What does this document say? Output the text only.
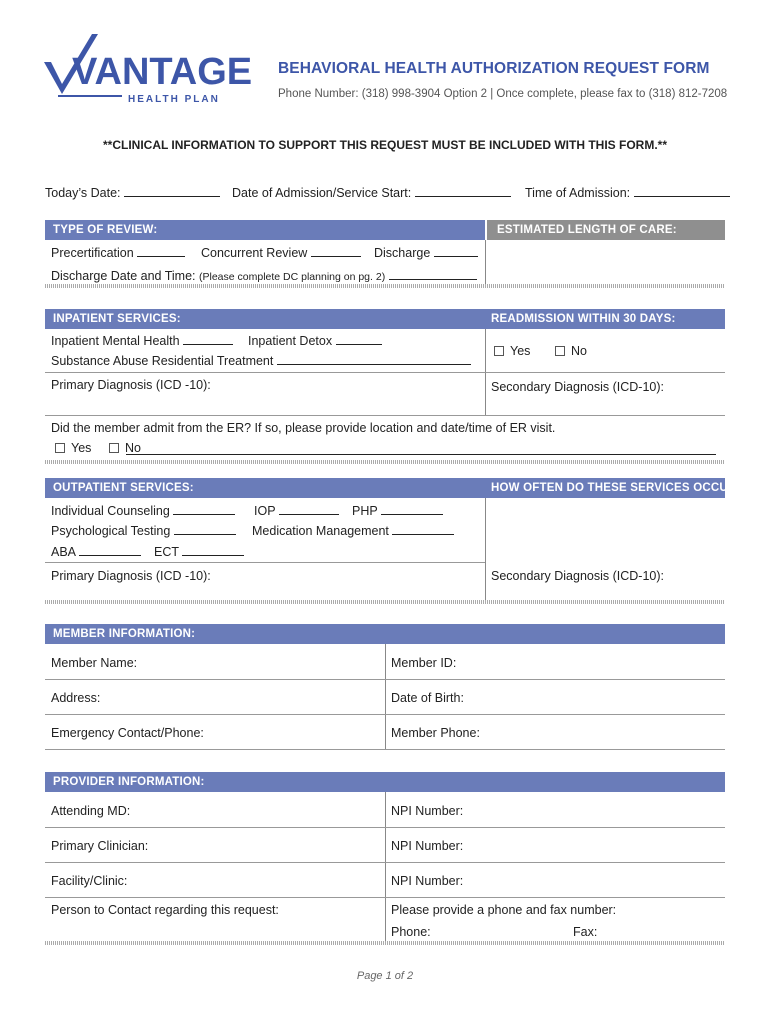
VANTAGE
HEALTH PLAN
BEHAVIORAL HEALTH AUTHORIZATION REQUEST FORM
Phone Number: (318) 998-3904 Option 2 | Once complete, please fax to (318) 812-7208
**CLINICAL INFORMATION TO SUPPORT THIS REQUEST MUST BE INCLUDED WITH THIS FORM.**
Today’s Date:	Date of Admission/Service Start:	Time of Admission:
TYPE OF REVIEW:	ESTIMATED LENGTH OF CARE:
Precertification	Concurrent Review	Discharge
Discharge Date and Time: (Please complete DC planning on pg. 2)
INPATIENT SERVICES:	READMISSION WITHIN 30 DAYS:
Inpatient Mental Health	Inpatient Detox
Substance Abuse Residential Treatment
Yes	No
Primary Diagnosis (ICD -10):	Secondary Diagnosis (ICD-10):
Did the member admit from the ER? If so, please provide location and date/time of ER visit.
Yes	No
OUTPATIENT SERVICES:	HOW OFTEN DO THESE SERVICES OCCUR?
Individual Counseling	IOP	PHP
Psychological Testing	Medication Management
ABA	ECT
Primary Diagnosis (ICD -10):	Secondary Diagnosis (ICD-10):
MEMBER INFORMATION:
Member Name:	Member ID:
Address:	Date of Birth:
Emergency Contact/Phone:	Member Phone:
PROVIDER INFORMATION:
Attending MD:	NPI Number:
Primary Clinician:	NPI Number:
Facility/Clinic:	NPI Number:
Person to Contact regarding this request:	Please provide a phone and fax number:
Phone:	Fax:
Page 1 of 2
